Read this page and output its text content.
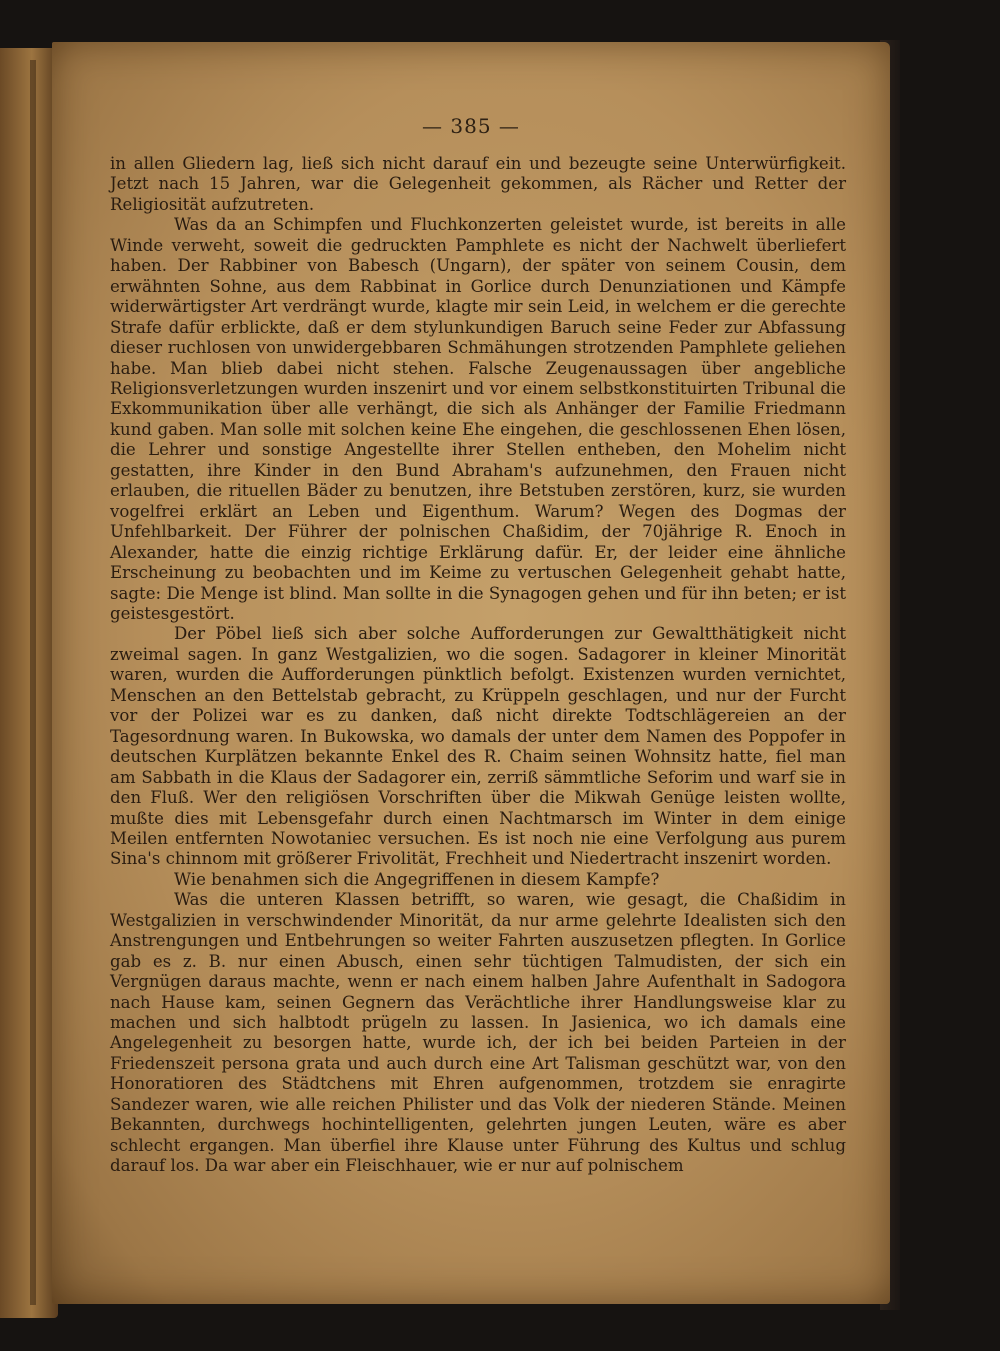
— 385 —

in allen Gliedern lag, ließ sich nicht darauf ein und bezeugte seine Unterwürfigkeit. Jetzt nach 15 Jahren, war die Gelegenheit gekommen, als Rächer und Retter der Religiosität aufzutreten.

Was da an Schimpfen und Fluchkonzerten geleistet wurde, ist bereits in alle Winde verweht, soweit die gedruckten Pamphlete es nicht der Nachwelt überliefert haben. Der Rabbiner von Babesch (Ungarn), der später von seinem Cousin, dem erwähnten Sohne, aus dem Rabbinat in Gorlice durch Denunziationen und Kämpfe widerwärtigster Art verdrängt wurde, klagte mir sein Leid, in welchem er die gerechte Strafe dafür erblickte, daß er dem stylunkundigen Baruch seine Feder zur Abfassung dieser ruchlosen von unwidergebbaren Schmähungen strotzenden Pamphlete geliehen habe. Man blieb dabei nicht stehen. Falsche Zeugenaussagen über angebliche Religionsverletzungen wurden inszenirt und vor einem selbstkonstituirten Tribunal die Exkommunikation über alle verhängt, die sich als Anhänger der Familie Friedmann kund gaben. Man solle mit solchen keine Ehe eingehen, die geschlossenen Ehen lösen, die Lehrer und sonstige Angestellte ihrer Stellen entheben, den Mohelim nicht gestatten, ihre Kinder in den Bund Abraham's aufzunehmen, den Frauen nicht erlauben, die rituellen Bäder zu benutzen, ihre Betstuben zerstören, kurz, sie wurden vogelfrei erklärt an Leben und Eigenthum. Warum? Wegen des Dogmas der Unfehlbarkeit. Der Führer der polnischen Chaßidim, der 70jährige R. Enoch in Alexander, hatte die einzig richtige Erklärung dafür. Er, der leider eine ähnliche Erscheinung zu beobachten und im Keime zu vertuschen Gelegenheit gehabt hatte, sagte: Die Menge ist blind. Man sollte in die Synagogen gehen und für ihn beten; er ist geistesgestört.

Der Pöbel ließ sich aber solche Aufforderungen zur Gewaltthätigkeit nicht zweimal sagen. In ganz Westgalizien, wo die sogen. Sadagorer in kleiner Minorität waren, wurden die Aufforderungen pünktlich befolgt. Existenzen wurden vernichtet, Menschen an den Bettelstab gebracht, zu Krüppeln geschlagen, und nur der Furcht vor der Polizei war es zu danken, daß nicht direkte Todtschlägereien an der Tagesordnung waren. In Bukowska, wo damals der unter dem Namen des Poppofer in deutschen Kurplätzen bekannte Enkel des R. Chaim seinen Wohnsitz hatte, fiel man am Sabbath in die Klaus der Sadagorer ein, zerriß sämmtliche Seforim und warf sie in den Fluß. Wer den religiösen Vorschriften über die Mikwah Genüge leisten wollte, mußte dies mit Lebensgefahr durch einen Nachtmarsch im Winter in dem einige Meilen entfernten Nowotaniec versuchen. Es ist noch nie eine Verfolgung aus purem Sina's chinnom mit größerer Frivolität, Frechheit und Niedertracht inszenirt worden.

Wie benahmen sich die Angegriffenen in diesem Kampfe?

Was die unteren Klassen betrifft, so waren, wie gesagt, die Chaßidim in Westgalizien in verschwindender Minorität, da nur arme gelehrte Idealisten sich den Anstrengungen und Entbehrungen so weiter Fahrten auszusetzen pflegten. In Gorlice gab es z. B. nur einen Abusch, einen sehr tüchtigen Talmudisten, der sich ein Vergnügen daraus machte, wenn er nach einem halben Jahre Aufenthalt in Sadogora nach Hause kam, seinen Gegnern das Verächtliche ihrer Handlungsweise klar zu machen und sich halbtodt prügeln zu lassen. In Jasienica, wo ich damals eine Angelegenheit zu besorgen hatte, wurde ich, der ich bei beiden Parteien in der Friedenszeit persona grata und auch durch eine Art Talisman geschützt war, von den Honoratioren des Städtchens mit Ehren aufgenommen, trotzdem sie enragirte Sandezer waren, wie alle reichen Philister und das Volk der niederen Stände. Meinen Bekannten, durchwegs hochintelligenten, gelehrten jungen Leuten, wäre es aber schlecht ergangen. Man überfiel ihre Klause unter Führung des Kultus und schlug darauf los. Da war aber ein Fleischhauer, wie er nur auf polnischem
